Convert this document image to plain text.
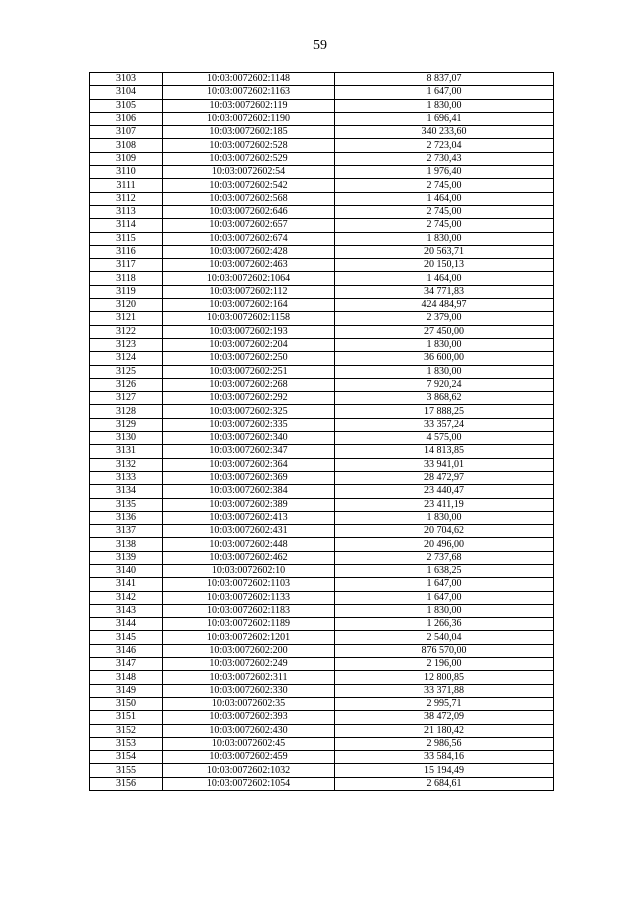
59
3103	10:03:0072602:1148	8 837,07
3104	10:03:0072602:1163	1 647,00
3105	10:03:0072602:119	1 830,00
3106	10:03:0072602:1190	1 696,41
3107	10:03:0072602:185	340 233,60
3108	10:03:0072602:528	2 723,04
3109	10:03:0072602:529	2 730,43
3110	10:03:0072602:54	1 976,40
3111	10:03:0072602:542	2 745,00
3112	10:03:0072602:568	1 464,00
3113	10:03:0072602:646	2 745,00
3114	10:03:0072602:657	2 745,00
3115	10:03:0072602:674	1 830,00
3116	10:03:0072602:428	20 563,71
3117	10:03:0072602:463	20 150,13
3118	10:03:0072602:1064	1 464,00
3119	10:03:0072602:112	34 771,83
3120	10:03:0072602:164	424 484,97
3121	10:03:0072602:1158	2 379,00
3122	10:03:0072602:193	27 450,00
3123	10:03:0072602:204	1 830,00
3124	10:03:0072602:250	36 600,00
3125	10:03:0072602:251	1 830,00
3126	10:03:0072602:268	7 920,24
3127	10:03:0072602:292	3 868,62
3128	10:03:0072602:325	17 888,25
3129	10:03:0072602:335	33 357,24
3130	10:03:0072602:340	4 575,00
3131	10:03:0072602:347	14 813,85
3132	10:03:0072602:364	33 941,01
3133	10:03:0072602:369	28 472,97
3134	10:03:0072602:384	23 440,47
3135	10:03:0072602:389	23 411,19
3136	10:03:0072602:413	1 830,00
3137	10:03:0072602:431	20 704,62
3138	10:03:0072602:448	20 496,00
3139	10:03:0072602:462	2 737,68
3140	10:03:0072602:10	1 638,25
3141	10:03:0072602:1103	1 647,00
3142	10:03:0072602:1133	1 647,00
3143	10:03:0072602:1183	1 830,00
3144	10:03:0072602:1189	1 266,36
3145	10:03:0072602:1201	2 540,04
3146	10:03:0072602:200	876 570,00
3147	10:03:0072602:249	2 196,00
3148	10:03:0072602:311	12 800,85
3149	10:03:0072602:330	33 371,88
3150	10:03:0072602:35	2 995,71
3151	10:03:0072602:393	38 472,09
3152	10:03:0072602:430	21 180,42
3153	10:03:0072602:45	2 986,56
3154	10:03:0072602:459	33 584,16
3155	10:03:0072602:1032	15 194,49
3156	10:03:0072602:1054	2 684,61
